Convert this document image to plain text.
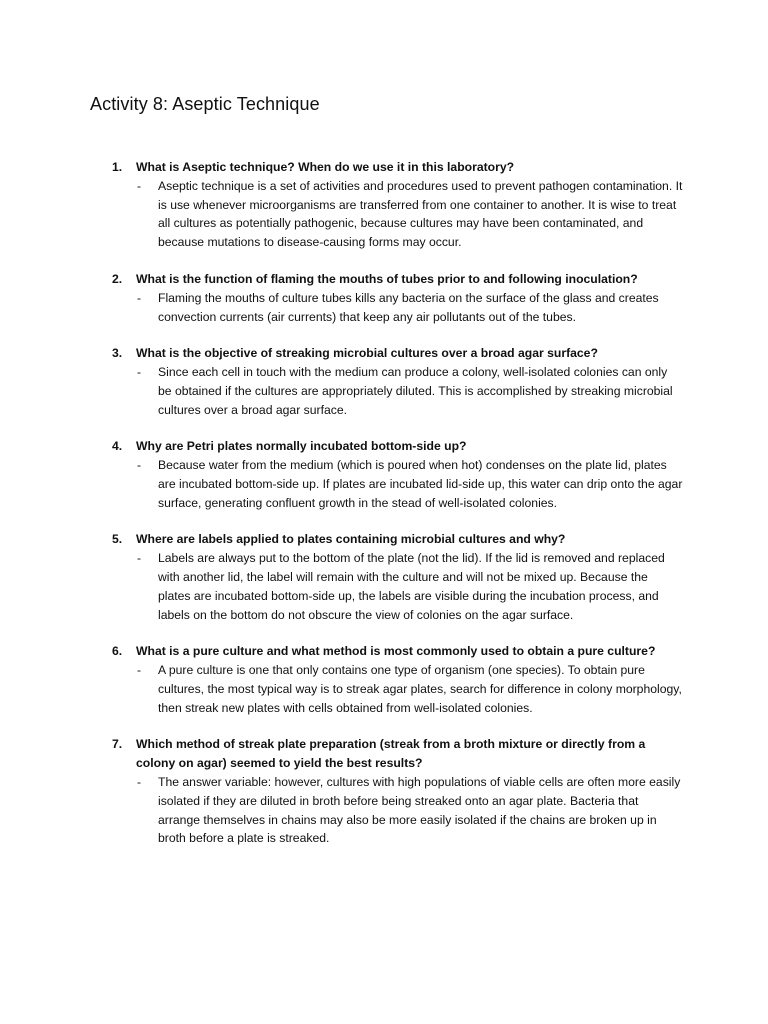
Activity 8: Aseptic Technique
1. What is Aseptic technique? When do we use it in this laboratory?
- Aseptic technique is a set of activities and procedures used to prevent pathogen contamination. It is use whenever microorganisms are transferred from one container to another. It is wise to treat all cultures as potentially pathogenic, because cultures may have been contaminated, and because mutations to disease-causing forms may occur.
2. What is the function of flaming the mouths of tubes prior to and following inoculation?
- Flaming the mouths of culture tubes kills any bacteria on the surface of the glass and creates convection currents (air currents) that keep any air pollutants out of the tubes.
3. What is the objective of streaking microbial cultures over a broad agar surface?
- Since each cell in touch with the medium can produce a colony, well-isolated colonies can only be obtained if the cultures are appropriately diluted. This is accomplished by streaking microbial cultures over a broad agar surface.
4. Why are Petri plates normally incubated bottom-side up?
- Because water from the medium (which is poured when hot) condenses on the plate lid, plates are incubated bottom-side up. If plates are incubated lid-side up, this water can drip onto the agar surface, generating confluent growth in the stead of well-isolated colonies.
5. Where are labels applied to plates containing microbial cultures and why?
- Labels are always put to the bottom of the plate (not the lid). If the lid is removed and replaced with another lid, the label will remain with the culture and will not be mixed up. Because the plates are incubated bottom-side up, the labels are visible during the incubation process, and labels on the bottom do not obscure the view of colonies on the agar surface.
6. What is a pure culture and what method is most commonly used to obtain a pure culture?
- A pure culture is one that only contains one type of organism (one species). To obtain pure cultures, the most typical way is to streak agar plates, search for difference in colony morphology, then streak new plates with cells obtained from well-isolated colonies.
7. Which method of streak plate preparation (streak from a broth mixture or directly from a colony on agar) seemed to yield the best results?
- The answer variable: however, cultures with high populations of viable cells are often more easily isolated if they are diluted in broth before being streaked onto an agar plate. Bacteria that arrange themselves in chains may also be more easily isolated if the chains are broken up in broth before a plate is streaked.
